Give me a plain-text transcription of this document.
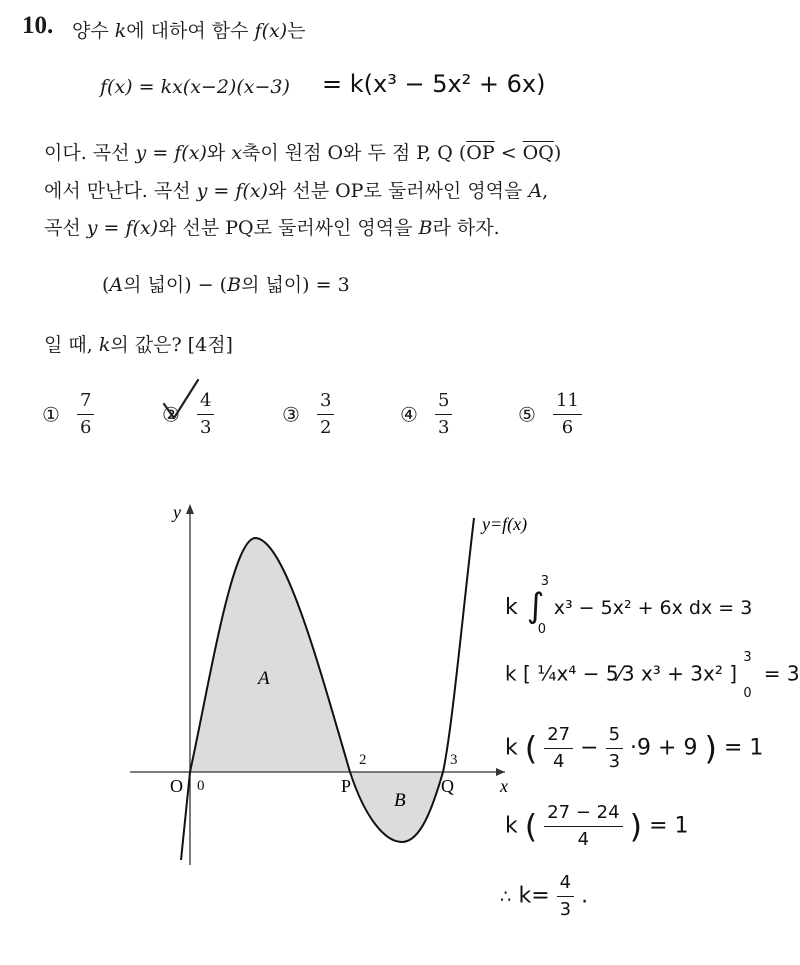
10. 양수 k에 대하여 함수 f(x)는
f(x) = kx(x−2)(x−3) = k(x³ − 5x² + 6x)
이다. 곡선 y = f(x)와 x축이 원점 O와 두 점 P, Q $(\overline{OP} < \overline{OQ})$
에서 만난다. 곡선 y = f(x)와 선분 OP로 둘러싸인 영역을 A,
곡선 y = f(x)와 선분 PQ로 둘러싸인 영역을 B라 하자.
(A의 넓이) − (B의 넓이) = 3
일 때, k의 값은? [4점]
① $\frac{7}{6}$	② $\frac{4}{3}$	③ $\frac{3}{2}$	④ $\frac{5}{3}$	⑤ $\frac{11}{6}$
y
x
y=f(x)
O	P	Q
A
B
0
2	3
k ∫
3
0
x³ − 5x² + 6x dx = 3
k [ ¼x⁴ − 5⁄3 x³ + 3x² ]
3
0
= 3
k ( $\frac{27}{4} - \frac{5}{3} \cdot 9 + 9$ ) = 1
k ( $\frac{27 - 24}{4}$ ) = 1
∴ $k= \frac{4}{3}$ .
